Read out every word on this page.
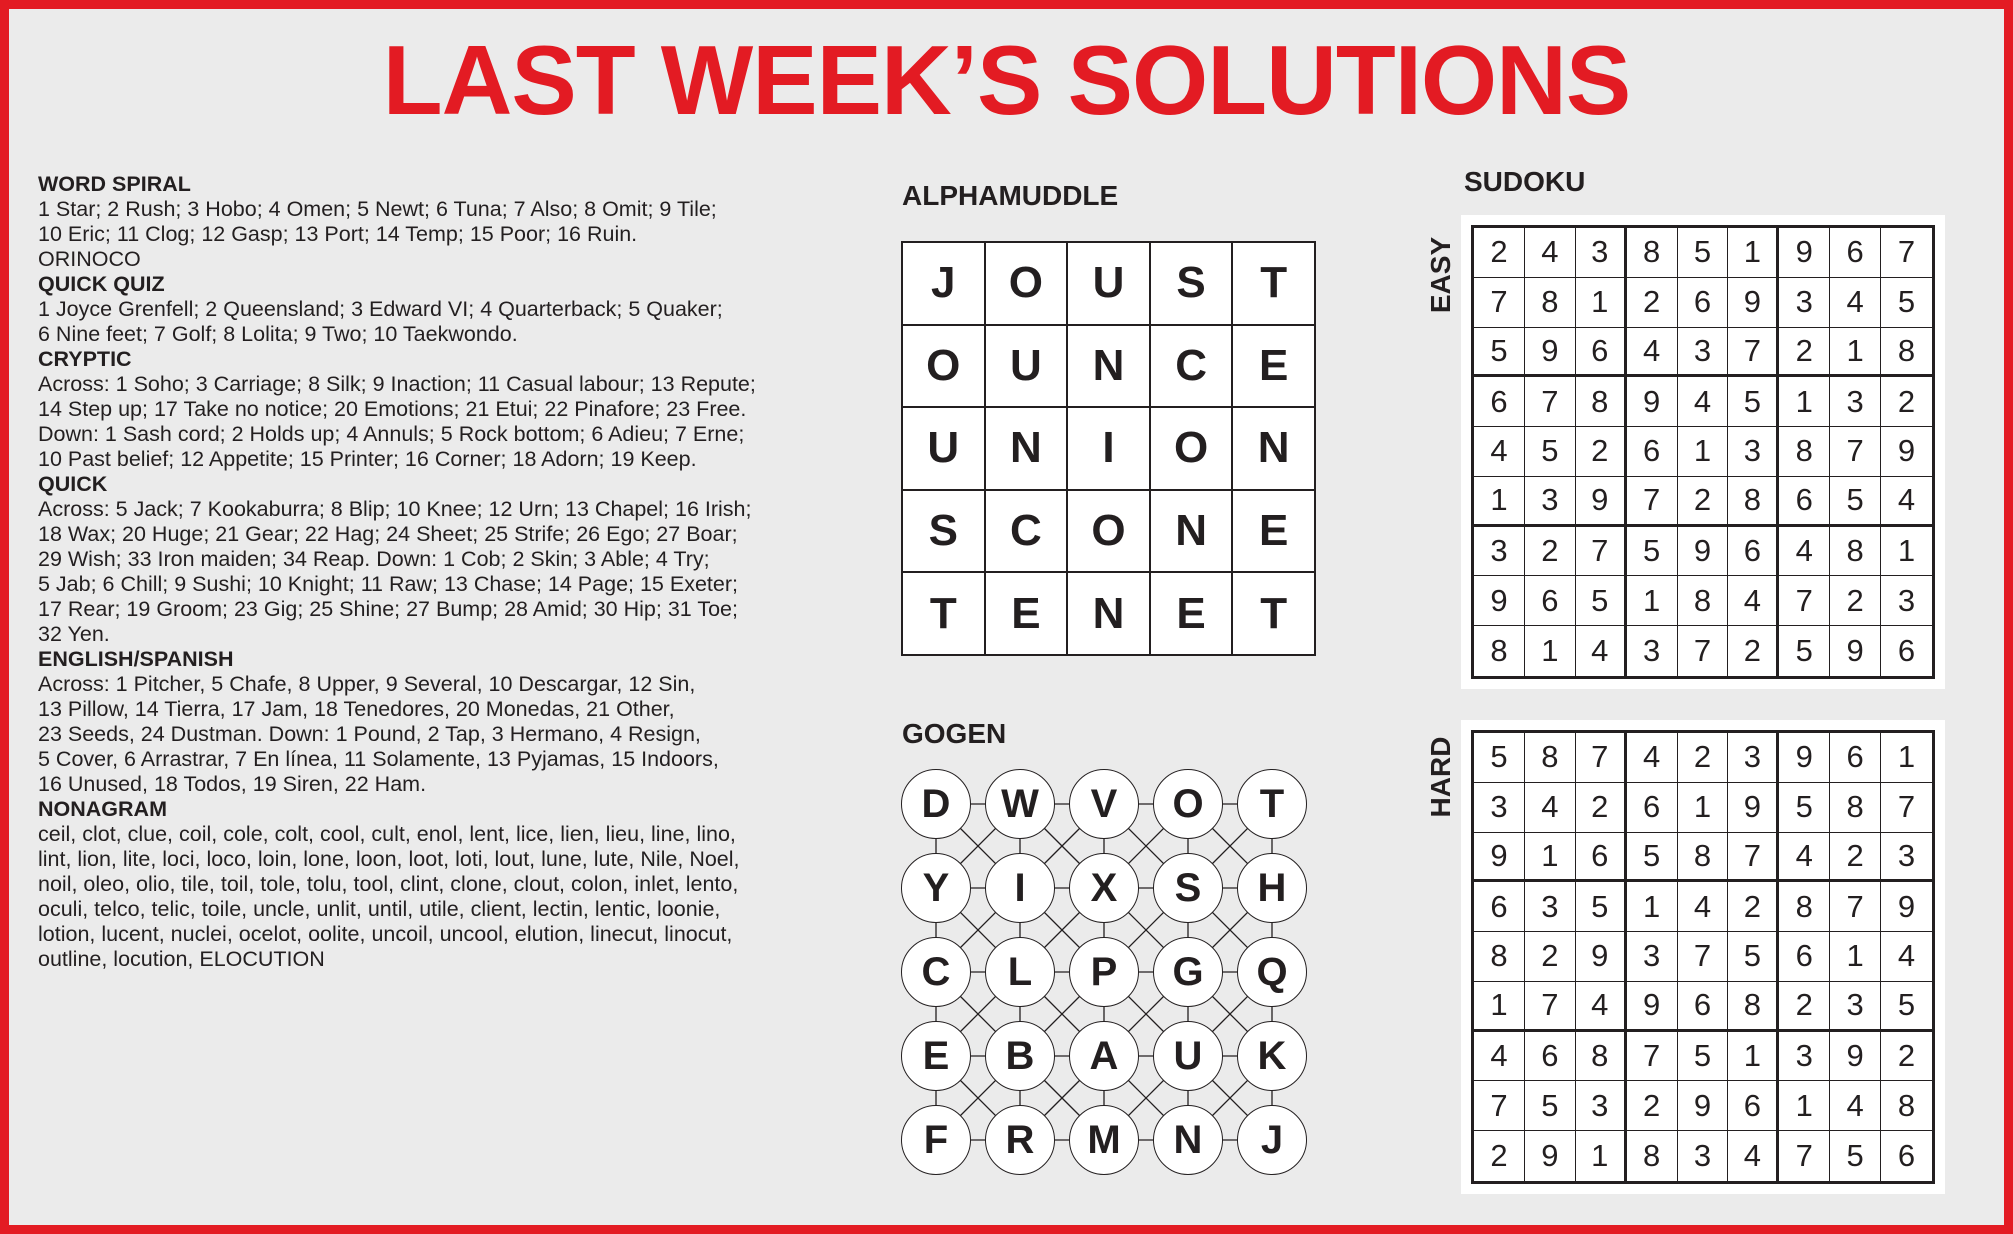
LAST WEEK’S SOLUTIONS
WORD SPIRAL
1 Star; 2 Rush; 3 Hobo; 4 Omen; 5 Newt; 6 Tuna; 7 Also; 8 Omit; 9 Tile;
10 Eric; 11 Clog; 12 Gasp; 13 Port; 14 Temp; 15 Poor; 16 Ruin.
ORINOCO
QUICK QUIZ
1 Joyce Grenfell; 2 Queensland; 3 Edward VI; 4 Quarterback; 5 Quaker;
6 Nine feet; 7 Golf; 8 Lolita; 9 Two; 10 Taekwondo.
CRYPTIC
Across: 1 Soho; 3 Carriage; 8 Silk; 9 Inaction; 11 Casual labour; 13 Repute;
14 Step up; 17 Take no notice; 20 Emotions; 21 Etui; 22 Pinafore; 23 Free.
Down: 1 Sash cord; 2 Holds up; 4 Annuls; 5 Rock bottom; 6 Adieu; 7 Erne;
10 Past belief; 12 Appetite; 15 Printer; 16 Corner; 18 Adorn; 19 Keep.
QUICK
Across: 5 Jack; 7 Kookaburra; 8 Blip; 10 Knee; 12 Urn; 13 Chapel; 16 Irish;
18 Wax; 20 Huge; 21 Gear; 22 Hag; 24 Sheet; 25 Strife; 26 Ego; 27 Boar;
29 Wish; 33 Iron maiden; 34 Reap. Down: 1 Cob; 2 Skin; 3 Able; 4 Try;
5 Jab; 6 Chill; 9 Sushi; 10 Knight; 11 Raw; 13 Chase; 14 Page; 15 Exeter;
17 Rear; 19 Groom; 23 Gig; 25 Shine; 27 Bump; 28 Amid; 30 Hip; 31 Toe;
32 Yen.
ENGLISH/SPANISH
Across: 1 Pitcher, 5 Chafe, 8 Upper, 9 Several, 10 Descargar, 12 Sin,
13 Pillow, 14 Tierra, 17 Jam, 18 Tenedores, 20 Monedas, 21 Other,
23 Seeds, 24 Dustman. Down: 1 Pound, 2 Tap, 3 Hermano, 4 Resign,
5 Cover, 6 Arrastrar, 7 En línea, 11 Solamente, 13 Pyjamas, 15 Indoors,
16 Unused, 18 Todos, 19 Siren, 22 Ham.
NONAGRAM
ceil, clot, clue, coil, cole, colt, cool, cult, enol, lent, lice, lien, lieu, line, lino,
lint, lion, lite, loci, loco, loin, lone, loon, loot, loti, lout, lune, lute, Nile, Noel,
noil, oleo, olio, tile, toil, tole, tolu, tool, clint, clone, clout, colon, inlet, lento,
oculi, telco, telic, toile, uncle, unlit, until, utile, client, lectin, lentic, loonie,
lotion, lucent, nuclei, ocelot, oolite, uncoil, uncool, elution, linecut, linocut,
outline, locution, ELOCUTION
ALPHAMUDDLE
J	O	U	S	T
O	U	N	C	E
U	N	I	O	N
S	C	O	N	E
T	E	N	E	T
GOGEN
D	W	V	O	T
Y	I	X	S	H
C	L	P	G	Q
E	B	A	U	K
F	R	M	N	J
SUDOKU
EASY
HARD
2	4	3	8	5	1	9	6	7
7	8	1	2	6	9	3	4	5
5	9	6	4	3	7	2	1	8
6	7	8	9	4	5	1	3	2
4	5	2	6	1	3	8	7	9
1	3	9	7	2	8	6	5	4
3	2	7	5	9	6	4	8	1
9	6	5	1	8	4	7	2	3
8	1	4	3	7	2	5	9	6
5	8	7	4	2	3	9	6	1
3	4	2	6	1	9	5	8	7
9	1	6	5	8	7	4	2	3
6	3	5	1	4	2	8	7	9
8	2	9	3	7	5	6	1	4
1	7	4	9	6	8	2	3	5
4	6	8	7	5	1	3	9	2
7	5	3	2	9	6	1	4	8
2	9	1	8	3	4	7	5	6
